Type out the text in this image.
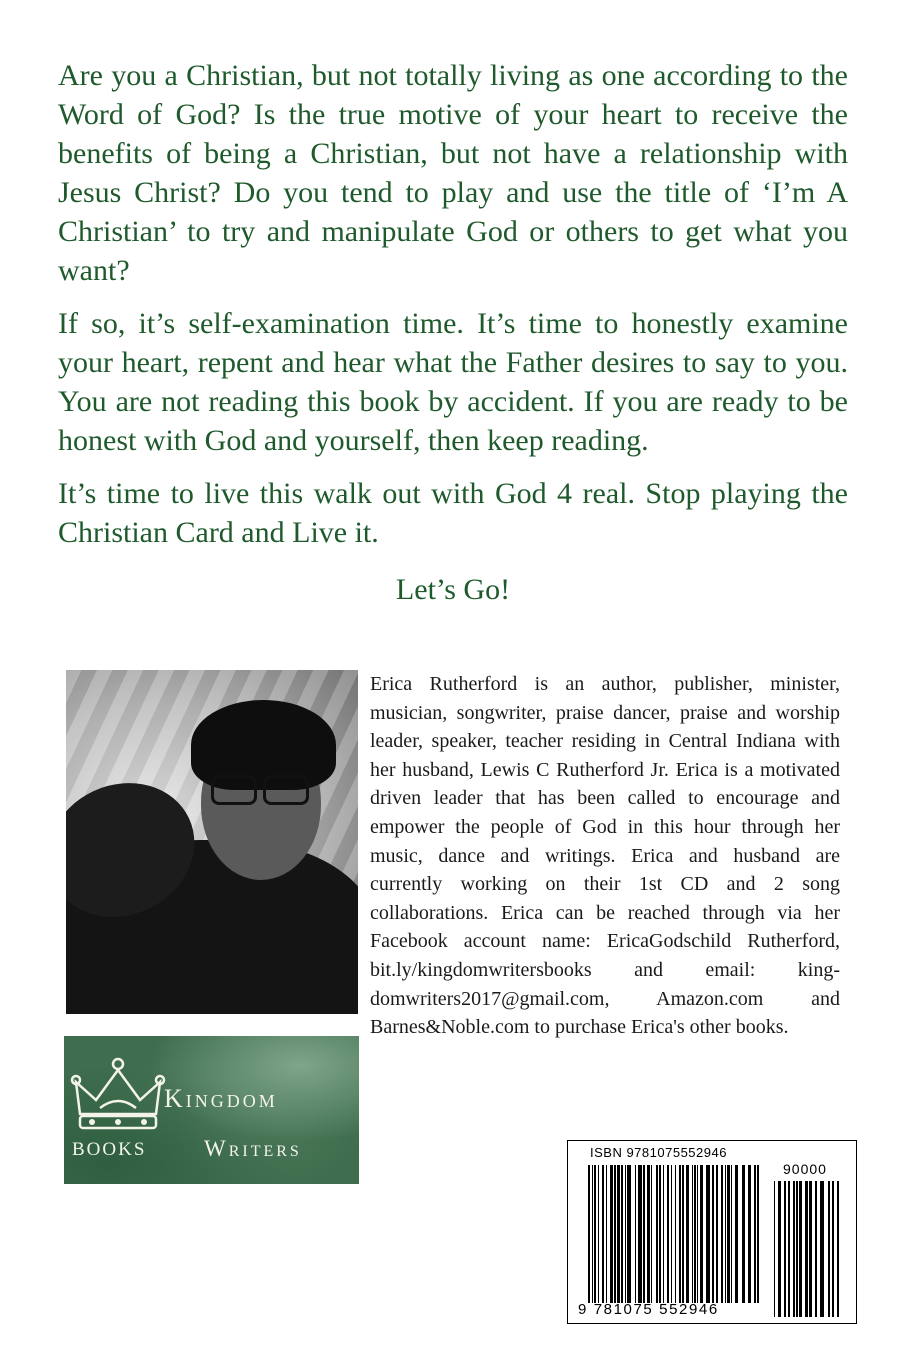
Are you a Christian, but not totally living as one according to the Word of God? Is the true motive of your heart to receive the benefits of being a Christian, but not have a relationship with Jesus Christ? Do you tend to play and use the title of ‘I’m A Christian’ to try and manipulate God or others to get what you want?

If so, it’s self-examination time. It’s time to honestly examine your heart, repent and hear what the Father desires to say to you. You are not reading this book by accident. If you are ready to be honest with God and yourself, then keep reading.

It’s time to live this walk out with God 4 real. Stop playing the Christian Card and Live it.

Let’s Go!

Kingdom
BOOKS	Writers
Erica Rutherford is an author, publisher, minister, musician, songwriter, praise dancer, praise and worship leader, speaker, teacher residing in Central Indiana with her husband, Lewis C Rutherford Jr. Erica is a motivated driven leader that has been called to encourage and empower the people of God in this hour through her music, dance and writings. Erica and husband are currently working on their 1st CD and 2 song collaborations. Erica can be reached through via her Facebook account name: EricaGodschild Rutherford, bit.ly/kingdomwritersbooks and email: kingdomwriters2017@gmail.com, Amazon.com and Barnes&Noble.com to purchase Erica's other books.
ISBN 9781075552946
90000
9 781075 552946
